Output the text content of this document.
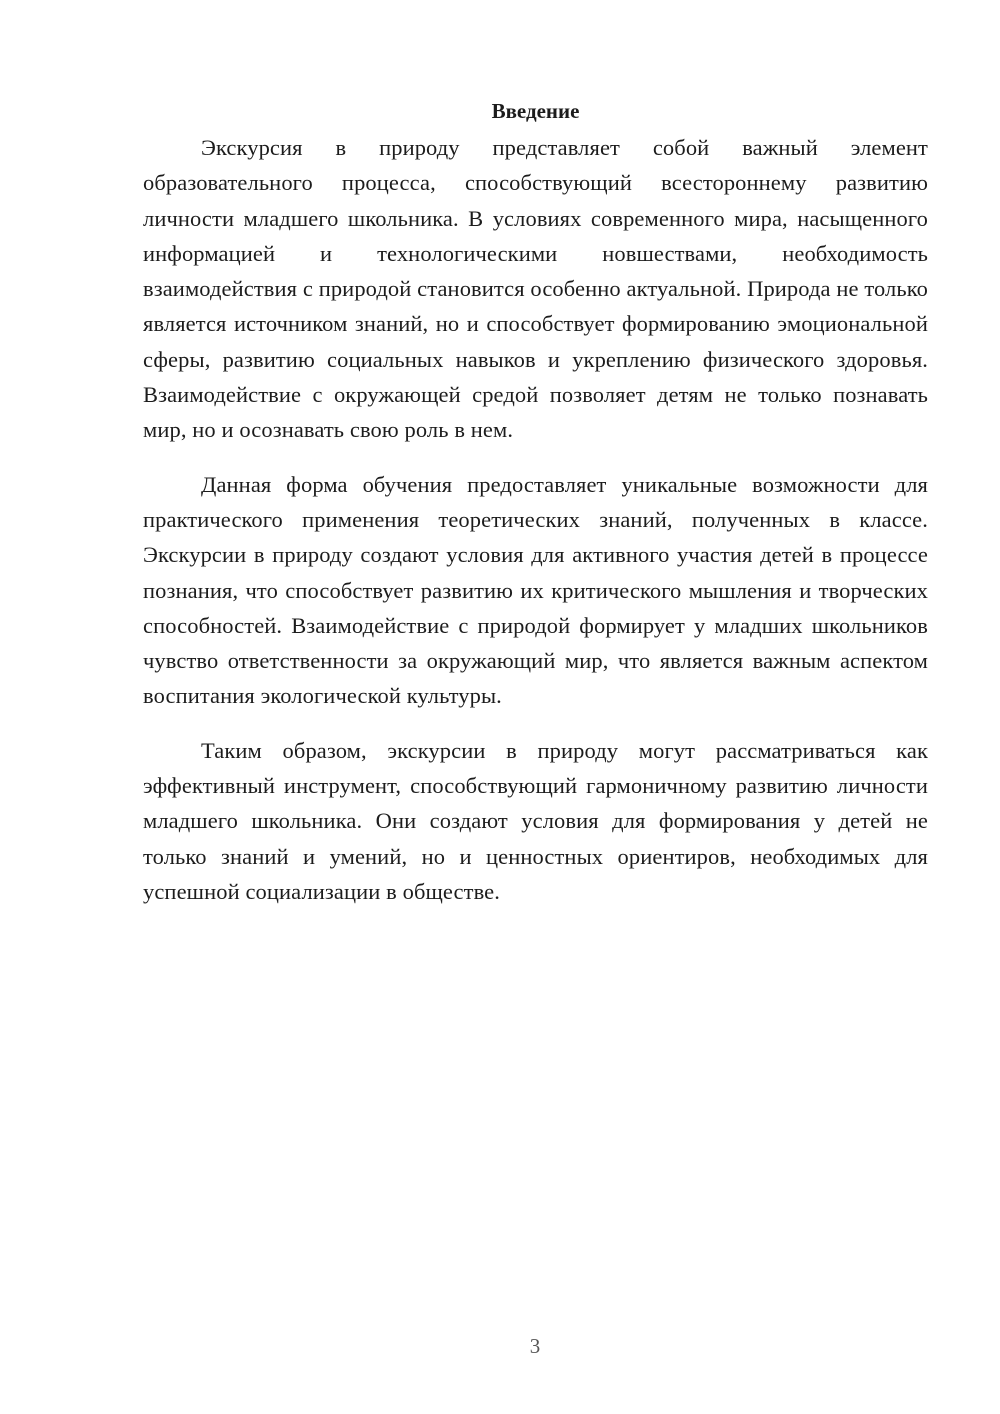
Введение

Экскурсия в природу представляет собой важный элемент образовательного процесса, способствующий всестороннему развитию личности младшего школьника. В условиях современного мира, насыщенного информацией и технологическими новшествами, необходимость взаимодействия с природой становится особенно актуальной. Природа не только является источником знаний, но и способствует формированию эмоциональной сферы, развитию социальных навыков и укреплению физического здоровья. Взаимодействие с окружающей средой позволяет детям не только познавать мир, но и осознавать свою роль в нем.

Данная форма обучения предоставляет уникальные возможности для практического применения теоретических знаний, полученных в классе. Экскурсии в природу создают условия для активного участия детей в процессе познания, что способствует развитию их критического мышления и творческих способностей. Взаимодействие с природой формирует у младших школьников чувство ответственности за окружающий мир, что является важным аспектом воспитания экологической культуры.

Таким образом, экскурсии в природу могут рассматриваться как эффективный инструмент, способствующий гармоничному развитию личности младшего школьника. Они создают условия для формирования у детей не только знаний и умений, но и ценностных ориентиров, необходимых для успешной социализации в обществе.

3
